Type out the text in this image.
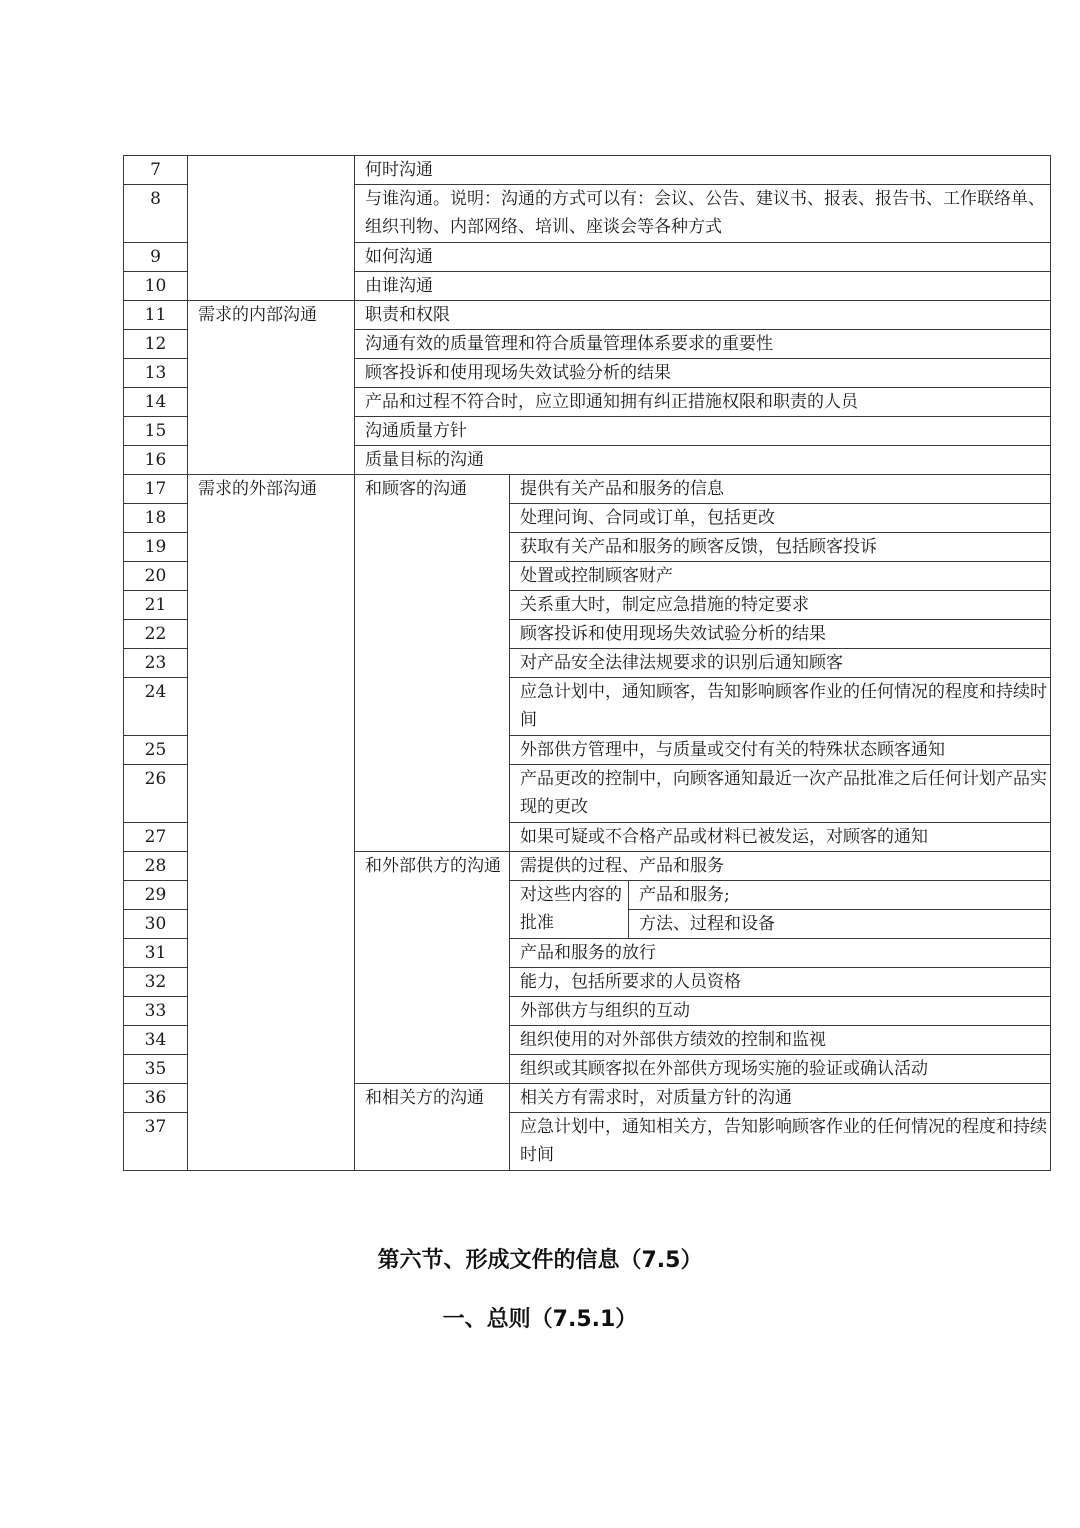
7		何时沟通		
8		与谁沟通。说明：沟通的方式可以有：会议、公告、建议书、报表、报告书、工作联络单、组织刊物、内部网络、培训、座谈会等各种方式		
9		如何沟通		
10		由谁沟通		
11	需求的内部沟通	职责和权限		
12		沟通有效的质量管理和符合质量管理体系要求的重要性		
13		顾客投诉和使用现场失效试验分析的结果		
14		产品和过程不符合时，应立即通知拥有纠正措施权限和职责的人员		
15		沟通质量方针		
16		质量目标的沟通		
17	需求的外部沟通	和顾客的沟通	提供有关产品和服务的信息	
18			处理问询、合同或订单，包括更改	
19			获取有关产品和服务的顾客反馈，包括顾客投诉	
20			处置或控制顾客财产	
21			关系重大时，制定应急措施的特定要求	
22			顾客投诉和使用现场失效试验分析的结果	
23			对产品安全法律法规要求的识别后通知顾客	
24			应急计划中，通知顾客，告知影响顾客作业的任何情况的程度和持续时间	
25			外部供方管理中，与质量或交付有关的特殊状态顾客通知	
26			产品更改的控制中，向顾客通知最近一次产品批准之后任何计划产品实现的更改	
27			如果可疑或不合格产品或材料已被发运，对顾客的通知	
28		和外部供方的沟通	需提供的过程、产品和服务	
29			对这些内容的批准	产品和服务;
30				方法、过程和设备
31			产品和服务的放行	
32			能力，包括所要求的人员资格	
33			外部供方与组织的互动	
34			组织使用的对外部供方绩效的控制和监视	
35			组织或其顾客拟在外部供方现场实施的验证或确认活动	
36		和相关方的沟通	相关方有需求时，对质量方针的沟通	
37			应急计划中，通知相关方，告知影响顾客作业的任何情况的程度和持续时间	
第六节、形成文件的信息（7.5）
一、总则（7.5.1）
